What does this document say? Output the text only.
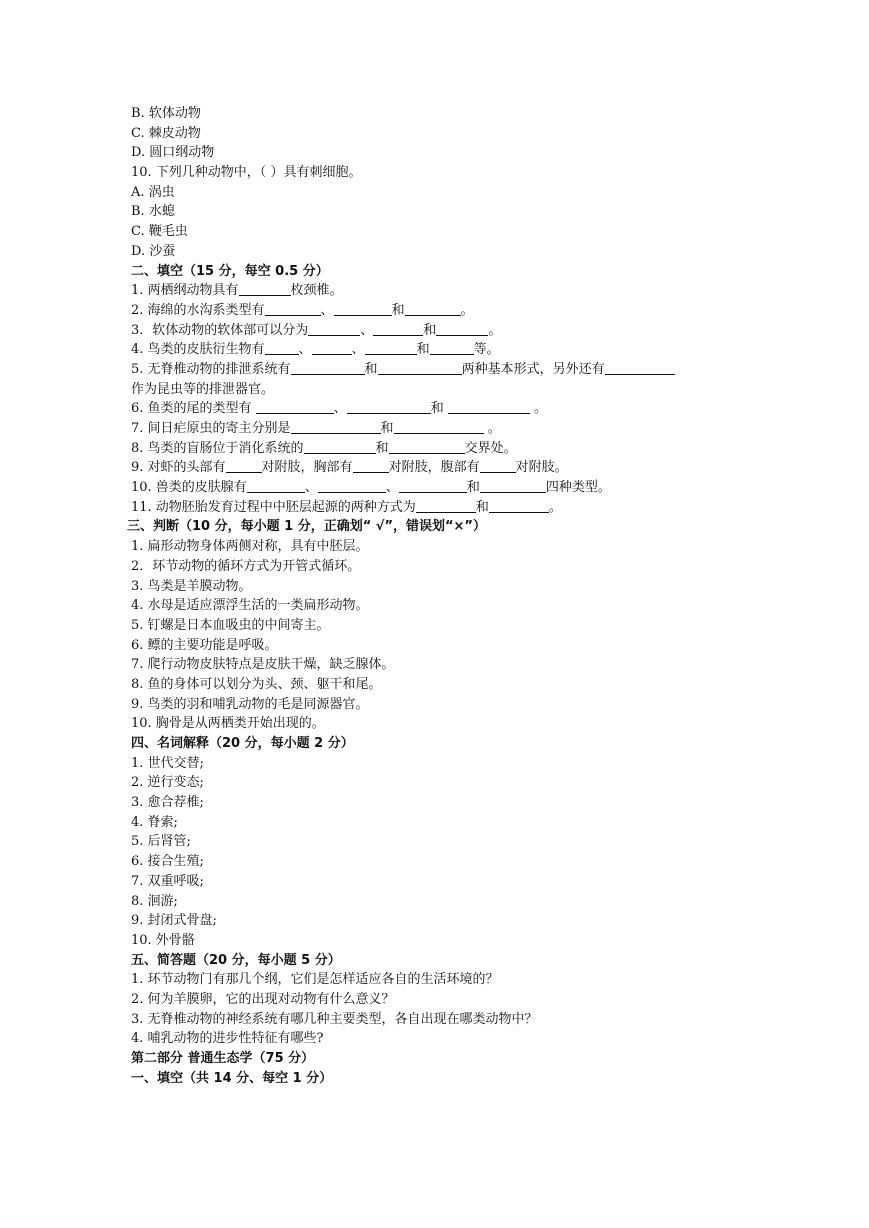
B. 软体动物
C. 棘皮动物
D. 圆口纲动物
10. 下列几种动物中，（ ）具有刺细胞。
A. 涡虫
B. 水螅
C. 鞭毛虫
D. 沙蚕
二、填空（15 分，每空 0.5 分）
1. 两栖纲动物具有	枚颈椎。
2. 海绵的水沟系类型有	、	和	。
3．软体动物的软体部可以分为	、	和	。
4. 鸟类的皮肤衍生物有	、	、	和	等。
5. 无脊椎动物的排泄系统有	和	两种基本形式，另外还有
作为昆虫等的排泄器官。
6. 鱼类的尾的类型有	、	和	。
7. 间日疟原虫的寄主分别是	和	。
8. 鸟类的盲肠位于消化系统的	和	交界处。
9. 对虾的头部有	对附肢，胸部有	对附肢，腹部有	对附肢。
10. 兽类的皮肤腺有	、	、	和	四种类型。
11. 动物胚胎发育过程中中胚层起源的两种方式为	和	。
三、判断（10 分，每小题 1 分，正确划“ √”，错误划“×”）
1. 扁形动物身体两侧对称，具有中胚层。
2．环节动物的循环方式为开管式循环。
3. 鸟类是羊膜动物。
4. 水母是适应漂浮生活的一类扁形动物。
5. 钉螺是日本血吸虫的中间寄主。
6. 鳔的主要功能是呼吸。
7. 爬行动物皮肤特点是皮肤干燥，缺乏腺体。
8. 鱼的身体可以划分为头、颈、躯干和尾。
9. 鸟类的羽和哺乳动物的毛是同源器官。
10. 胸骨是从两栖类开始出现的。
四、名词解释（20 分，每小题 2 分）
1. 世代交替;
2. 逆行变态;
3. 愈合荐椎;
4. 脊索;
5. 后肾管;
6. 接合生殖;
7. 双重呼吸;
8. 洄游;
9. 封闭式骨盘;
10. 外骨骼
五、简答题（20 分，每小题 5 分）
1. 环节动物门有那几个纲，它们是怎样适应各自的生活环境的？
2. 何为羊膜卵，它的出现对动物有什么意义？
3. 无脊椎动物的神经系统有哪几种主要类型，各自出现在哪类动物中？
4. 哺乳动物的进步性特征有哪些?
第二部分 普通生态学（75 分）
一、填空（共 14 分、每空 1 分）
